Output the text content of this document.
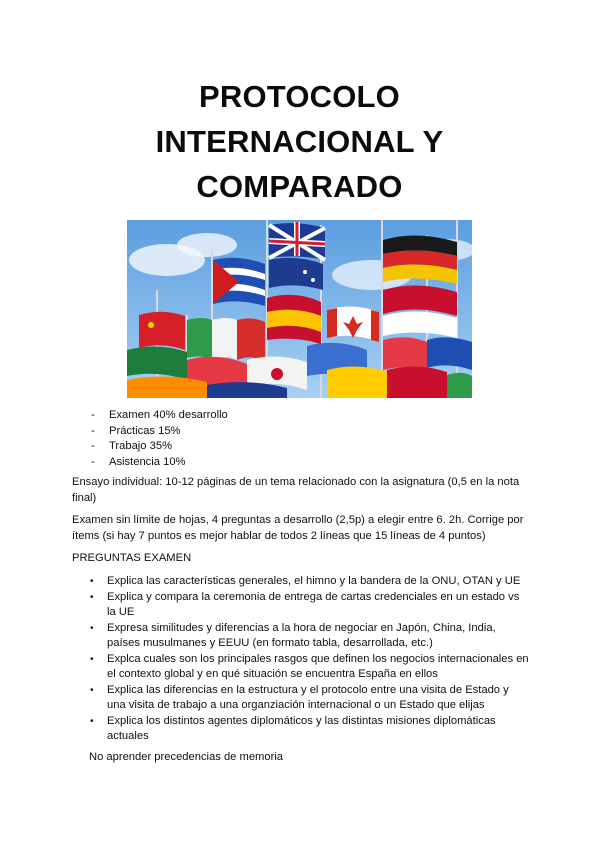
PROTOCOLO
INTERNACIONAL Y
COMPARADO
- Examen 40% desarrollo
- Prácticas 15%
- Trabajo 35%
- Asistencia 10%

Ensayo individual: 10-12 páginas de un tema relacionado con la asignatura (0,5 en la nota final)

Examen sin límite de hojas, 4 preguntas a desarrollo (2,5p) a elegir entre 6. 2h. Corrige por ítems (si hay 7 puntos es mejor hablar de todos 2 líneas que 15 líneas de 4 puntos)

PREGUNTAS EXAMEN

• Explica las características generales, el himno y la bandera de la ONU, OTAN y UE
• Explica y compara la ceremonia de entrega de cartas credenciales en un estado vs la UE
• Expresa similitudes y diferencias a la hora de negociar en Japón, China, India, países musulmanes y EEUU (en formato tabla, desarrollada, etc.)
• Explca cuales son los principales rasgos que definen los negocios internacionales en el contexto global y en qué situación se encuentra España en ellos
• Explica las diferencias en la estructura y el protocolo entre una visita de Estado y una visita de trabajo a una organziación internacional o un Estado que elijas
• Explica los distintos agentes diplomáticos y las distintas misiones diplomáticas actuales

No aprender precedencias de memoria
